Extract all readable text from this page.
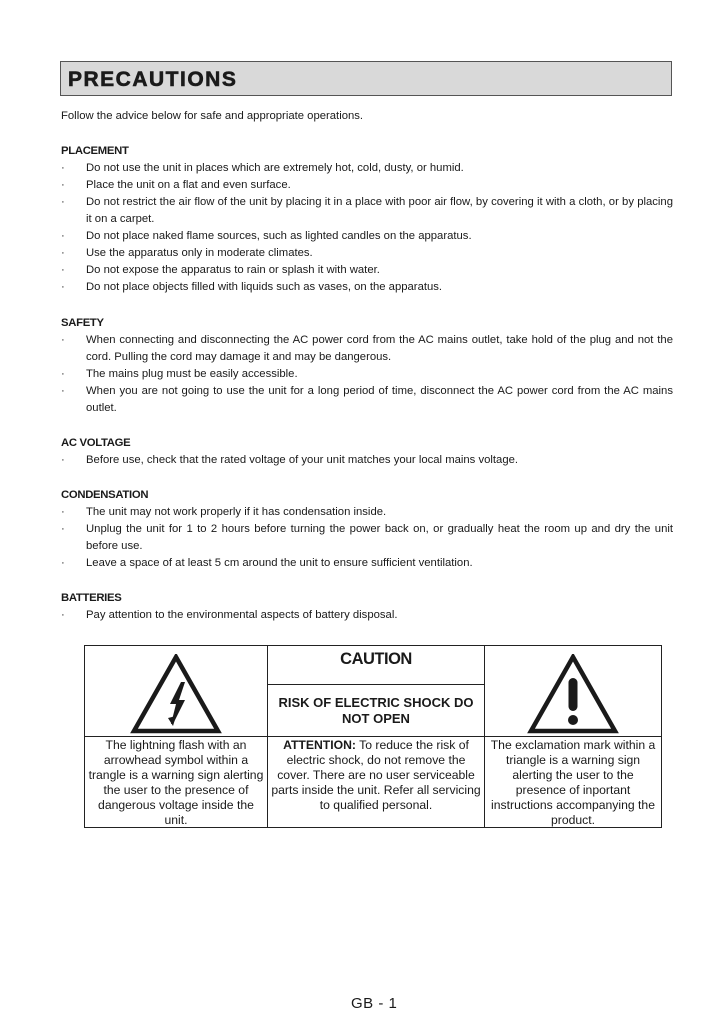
PRECAUTIONS
Follow the advice below for safe and appropriate operations.
PLACEMENT
· Do not use the unit in places which are extremely hot, cold, dusty, or humid.
· Place the unit on a flat and even surface.
· Do not restrict the air flow of the unit by placing it in a place with poor air flow, by covering it with a cloth, or by placing it on a carpet.
· Do not place naked flame sources, such as lighted candles on the apparatus.
· Use the apparatus only in moderate climates.
· Do not expose the apparatus to rain or splash it with water.
· Do not place objects filled with liquids such as vases, on the apparatus.
SAFETY
· When connecting and disconnecting the AC power cord from the AC mains outlet, take hold of the plug and not the cord. Pulling the cord may damage it and may be dangerous.
· The mains plug must be easily accessible.
· When you are not going to use the unit for a long period of time, disconnect the AC power cord from the AC mains outlet.
AC VOLTAGE
· Before use, check that the rated voltage of your unit matches your local mains voltage.
CONDENSATION
· The unit may not work properly if it has condensation inside.
· Unplug the unit for 1 to 2 hours before turning the power back on, or gradually heat the room up and dry the unit before use.
· Leave a space of at least 5 cm around the unit to ensure sufficient ventilation.
BATTERIES
· Pay attention to the environmental aspects of battery disposal.

CAUTION
RISK OF ELECTRIC SHOCK DO NOT OPEN

The lightning flash with an arrowhead symbol within a trangle is a warning sign alerting the user to the presence of dangerous voltage inside the unit.	ATTENTION: To reduce the risk of electric shock, do not remove the cover. There are no user serviceable parts inside the unit. Refer all servicing to qualified personal.	The exclamation mark within a triangle is a warning sign alerting the user to the presence of inportant instructions accompanying the product.
GB - 1
